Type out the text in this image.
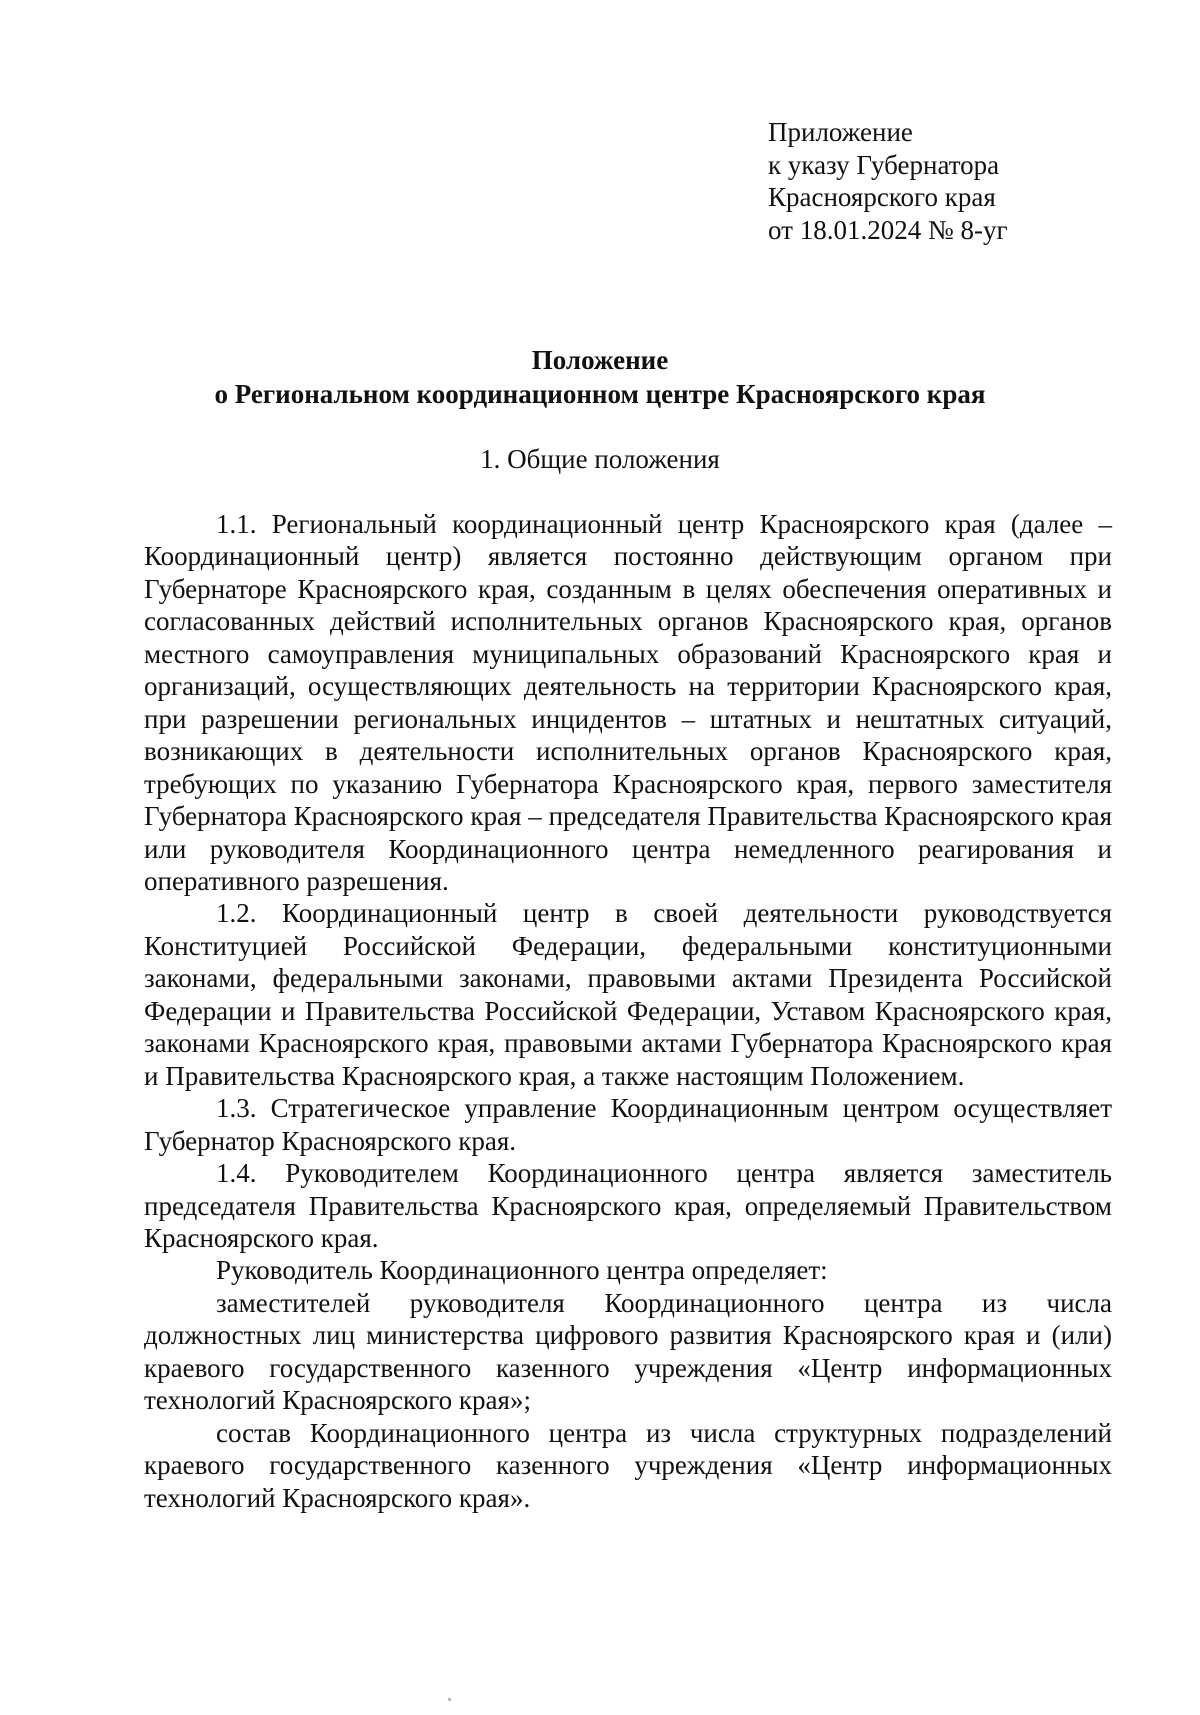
Приложение
к указу Губернатора
Красноярского края
от 18.01.2024 № 8-уг
Положение
о Региональном координационном центре Красноярского края
1. Общие положения

1.1. Региональный координационный центр Красноярского края (далее – Координационный центр) является постоянно действующим органом при Губернаторе Красноярского края, созданным в целях обеспечения оперативных и согласованных действий исполнительных органов Красноярского края, органов местного самоуправления муниципальных образований Красноярского края и организаций, осуществляющих деятельность на территории Красноярского края, при разрешении региональных инцидентов – штатных и нештатных ситуаций, возникающих в деятельности исполнительных органов Красноярского края, требующих по указанию Губернатора Красноярского края, первого заместителя Губернатора Красноярского края – председателя Правительства Красноярского края или руководителя Координационного центра немедленного реагирования и оперативного разрешения.

1.2. Координационный центр в своей деятельности руководствуется Конституцией Российской Федерации, федеральными конституционными законами, федеральными законами, правовыми актами Президента Российской Федерации и Правительства Российской Федерации, Уставом Красноярского края, законами Красноярского края, правовыми актами Губернатора Красноярского края и Правительства Красноярского края, а также настоящим Положением.

1.3. Стратегическое управление Координационным центром осуществляет Губернатор Красноярского края.

1.4. Руководителем Координационного центра является заместитель председателя Правительства Красноярского края, определяемый Правительством Красноярского края.

Руководитель Координационного центра определяет:

заместителей руководителя Координационного центра из числа должностных лиц министерства цифрового развития Красноярского края и (или) краевого государственного казенного учреждения «Центр информационных технологий Красноярского края»;

состав Координационного центра из числа структурных подразделений краевого государственного казенного учреждения «Центр информационных технологий Красноярского края».
